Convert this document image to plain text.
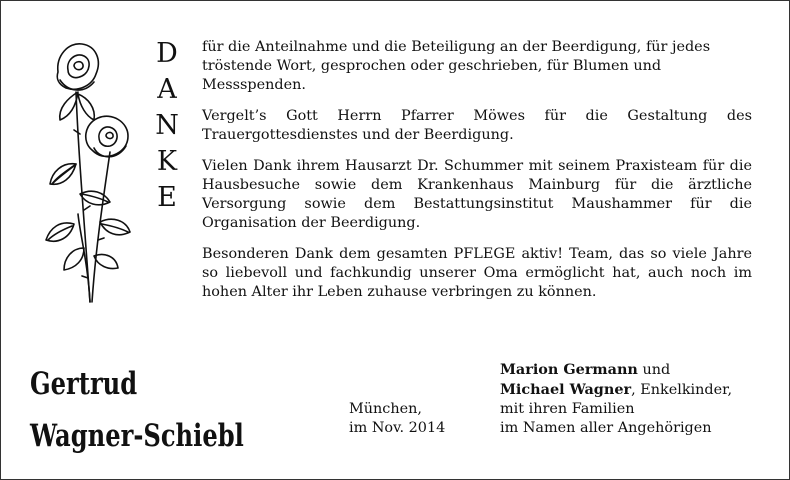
D
A
N
K
E

für die Anteilnahme und die Beteiligung an der Beerdigung, für jedes tröstende Wort, gesprochen oder geschrieben, für Blumen und Messspenden.

Vergelt’s Gott Herrn Pfarrer Möwes für die Gestaltung des Trauergottesdienstes und der Beerdigung.

Vielen Dank ihrem Hausarzt Dr. Schummer mit seinem Praxisteam für die Hausbesuche sowie dem Krankenhaus Mainburg für die ärztliche Versorgung sowie dem Bestattungsinstitut Maushammer für die Organisation der Beerdigung.

Besonderen Dank dem gesamten PFLEGE aktiv! Team, das so viele Jahre so liebevoll und fachkundig unserer Oma ermöglicht hat, auch noch im hohen Alter ihr Leben zuhause verbringen zu können.

Gertrud
Wagner-Schiebl
München,
im Nov. 2014
Marion Germann und
Michael Wagner, Enkelkinder,
mit ihren Familien
im Namen aller Angehörigen
